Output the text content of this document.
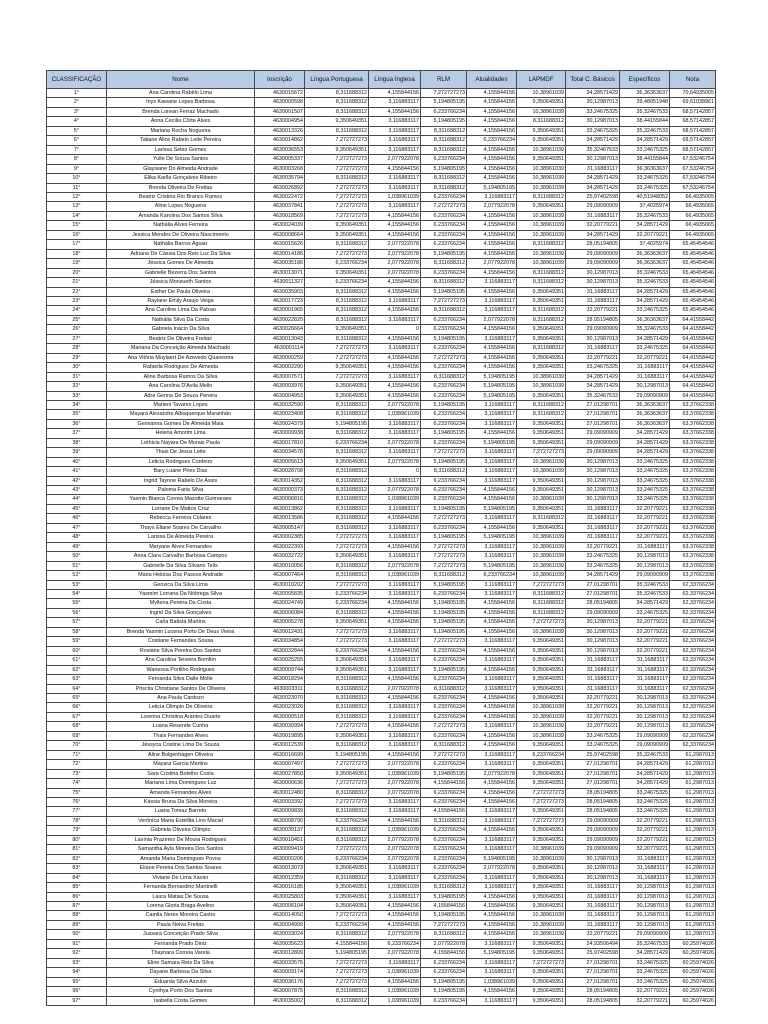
CLASSIFICAÇÃO	Nome	Inscrição	Língua Portuguesa	Língua Inglesa	RLM	Atualidades	LAPMDF	Total C. Básicos	Específicos	Nota
1°	Ana Carolina Rabêlo Lima	4630015672	8,311688312	4,155844156	7,272727273	4,155844156	10,38961039	34,28571429	36,36363637	70,64935065
2°	Inys Kawane Lopes Barbosa	4630000598	8,311688312	3,116883117	5,194805195	4,155844156	9,350649351	30,12987013	39,48051948	69,61038961
3°	Brenda Lorean Ferraz Machado	4630001507	8,311688312	4,155844156	6,233766234	4,155844156	10,38961039	33,24675325	35,32467533	68,57142857
4°	Anna Cecilia Côrte Alves	4630004954	9,350649351	3,116883117	5,194805195	4,155844156	8,311688312	30,12987013	38,44155844	68,57142857
5°	Mariana Rocha Nogueira	4630013326	8,311688312	3,116883117	8,311688312	4,155844156	9,350649351	33,24675325	35,32467533	68,57142857
6°	Tatiane Alice Rabelo Leite Pereira	4630014862	7,272727273	3,116883117	8,311688312	6,233766234	9,350649351	34,28571429	34,28571429	68,57142857
7°	Larissa Setes Gomes	4630036553	9,350649351	3,116883117	8,311688312	4,155844156	10,38961039	35,32467533	33,24675325	68,57142857
8°	Yulle De Souza Santos	4630005337	7,272727273	2,077922078	6,233766234	4,155844156	9,350649351	30,12987013	38,44155844	67,53246754
9°	Glaysiane Do Almeida Andrade	4630003268	7,272727273	4,155844156	5,194805195	4,155844156	10,38961039	31,16883117	36,36363637	67,53246754
10°	Élika Karlla Gonçalves Ribeiro	4630035794	8,311688312	3,116883117	8,311688312	4,155844156	10,38961039	34,28571429	33,24675325	67,53246754
11°	Brenda Oliveira De Freitas	4630026892	7,272727273	3,116883117	8,311688312	5,194805195	10,38961039	34,28571429	33,24675325	67,53246754
12°	Beatriz Cristina Rio Branco Ramos	4630022472	7,272727273	1,038961039	6,233766234	3,116883117	8,311688312	25,97402598	40,51948052	66,4935065
13°	Aline Lopes Nogueira	4630037841	7,272727273	3,116883117	7,272727273	2,077922078	9,350649351	29,09090909	37,4025974	66,4935065
14°	Amanda Karolina Dos Santos Silva	4630018569	7,272727273	4,155844156	6,233766234	4,155844156	10,38961039	31,16883117	35,32467533	66,4935065
15°	Nathália Alves Ferreira	4630024039	9,350649351	4,155844156	6,233766234	4,155844156	10,38961039	32,20779221	34,28571429	66,4935065
16°	Jessica Mendes De Oliveira Nascimento	4630008664	9,350649351	4,155844156	6,233766234	4,155844156	10,38961039	34,28571429	32,20779221	66,4935065
17°	Nathália Barros Aguiar	4630015626	8,311688312	2,077922078	6,233766234	4,155844156	8,311688312	28,05194805	37,4025974	65,45454546
18°	Adriana De Cássia Dos Reis Luz Da Silva	4630014186	7,272727273	2,077922078	5,194805195	4,155844156	10,38961039	29,09090909	36,36363637	65,45454546
19°	Jéssica Gomes De Almeida	4630035186	6,233766234	2,077922078	8,311688312	2,077922078	10,38961039	29,09090909	36,36363637	65,45454546
20°	Gabrielle Bezerra Dos Santos	4630013071	9,350649351	2,077922078	6,233766234	4,155844156	8,311688312	30,12987013	35,32467533	65,45454546
21°	Jéssica Monsueth Santos	4630011327	6,233766234	4,155844156	8,311688312	3,116883117	8,311688312	30,12987013	35,32467533	65,45454546
22°	Esther De Paula Oliveira	4630035903	8,311688312	4,155844156	5,194805195	4,155844156	9,350649351	31,16883117	34,28571429	65,45454546
23°	Raylane Emily Araujo Veiga	4630017723	8,311688312	3,116883117	7,272727273	3,116883117	9,350649351	31,16883117	34,28571429	65,45454546
24°	Ana Caroline Lima Da Paixao	4630001965	8,311688312	4,155844156	8,311688312	3,116883117	8,311688312	32,20779221	33,24675325	65,45454546
25°	Nathália Silva Da Costa	4630022825	8,311688312	3,116883117	6,233766234	2,077922078	8,311688312	28,05194805	36,36363637	64,41558442
26°	Gabriela Inácio Da Silva	4630026664	9,350649351	0	6,233766234	4,155844156	9,350649351	29,09090909	35,32467533	64,41558442
27°	Beatriz De Oliveira Freitas	4630013043	8,311688312	4,155844156	5,194805195	3,116883117	9,350649351	30,12987013	34,28571429	64,41558442
28°	Mariana Da Conceição Almeida Machado	4630001114	7,272727273	3,116883117	6,233766234	4,155844156	8,311688312	31,16883117	33,24675325	64,41558442
29°	Ana Vitória Muylaert De Azevedo Quaresma	4630000259	7,272727273	4,155844156	7,272727273	4,155844156	9,350649351	32,20779221	32,20779221	64,41558442
30°	Rafaella Rodrigues De Almeida	4630002290	9,350649351	4,155844156	6,233766234	4,155844156	9,350649351	33,24675325	31,16883117	64,41558442
31°	Aline Barbosa Ramos Da Silva	4630007571	7,272727273	3,116883117	8,311688312	5,194805195	10,38961039	34,28571429	31,16883117	64,41558442
32°	Ana Carolina D'Avila Mello	4630003976	9,350649351	4,155844156	6,233766234	5,194805195	10,38961039	34,28571429	30,12987013	64,41558442
33°	Adre Genna De Souza Pereira	4630004953	9,350649351	4,155844156	6,233766234	5,194805195	9,350649351	35,32467533	29,09090909	64,41558442
34°	Marieni Tavares Lopes	4630032590	8,311688312	2,077922078	5,194805195	3,116883117	8,311688312	27,01298701	36,36363637	63,37662338
35°	Mayara Alexandre Albuquerque Maranhão	4630023408	8,311688312	1,038961039	6,233766234	3,116883117	8,311688312	27,01298701	36,36363637	63,37662338
36°	Geovanna Gomes De Almeida Maia	4630024379	5,194805195	3,116883117	6,233766234	3,116883117	9,350649351	27,01298701	36,36363637	63,37662338
37°	Helena Amorim Lima	4630009938	8,311688312	3,116883117	5,194805195	4,155844156	9,350649351	29,09090909	34,28571429	63,37662338
38°	Lethicia Nayara De Morais Paula	4630017810	6,233766234	2,077922078	6,233766234	5,194805195	9,350649351	29,09090909	34,28571429	63,37662338
39°	Thais De Jesus Leite	4630034578	8,311688312	3,116883117	7,272727273	3,116883117	7,272727273	29,09090909	34,28571429	63,37662338
40°	Leticia Rodrigues Cordeiro	4630005613	9,350649351	2,077922078	5,194805195	3,116883117	10,38961039	30,12987013	33,24675325	63,37662338
41°	Bary Luane Pires Dias	4630028708	8,311688312	0	8,311688312	3,116883117	10,38961039	30,12987013	33,24675325	63,37662338
42°	Ingrid Taynne Rabelo De Assis	4630014352	8,311688312	3,116883117	6,233766234	3,116883117	9,350649351	30,12987013	33,24675325	63,37662338
43°	Paloma Faria Silva	4630000373	8,311688312	2,077922078	6,233766234	4,155844156	9,350649351	30,12987013	33,24675325	63,37662338
44°	Yasmin Bianca Correa Mazotte Guimaraes	4630006816	8,311688312	1,038961039	6,233766234	4,155844156	10,38961039	30,12987013	33,24675325	63,37662338
45°	Lorrane De Mattos Cruz	4630013862	8,311688312	3,116883117	5,194805195	5,194805195	9,350649351	31,16883117	32,20779221	63,37662338
46°	Rebecca Ferreira Colares	4630013586	8,311688312	4,155844156	7,272727273	3,116883117	8,311688312	31,16883117	32,20779221	63,37662338
47°	Thays Eliane Soares De Carvalho	4630005147	8,311688312	3,116883117	6,233766234	4,155844156	9,350649351	31,16883117	32,20779221	63,37662338
48°	Larissa De Almeida Pereira	4630002385	7,272727273	3,116883117	5,194805195	5,194805195	10,38961039	31,16883117	32,20779221	63,37662338
49°	Maryane Alves Fernandes	4630022393	7,272727273	4,155844156	7,272727273	3,116883117	10,38961039	32,20779221	31,16883117	63,37662338
50°	Anna Clara Carvalho Barbosa Campos	4630032722	9,350649351	3,116883117	7,272727273	3,116883117	10,38961039	33,24675325	30,12987013	63,37662338
51°	Gabrielle Da Silva Silvano Telis	4630010056	8,311688312	2,077922078	7,272727273	5,194805195	10,38961039	33,24675325	30,12987013	63,37662338
52°	Maria Heloisa Dos Passos Andrade	4630007464	8,311688312	1,038961039	8,311688312	6,233766234	10,38961039	34,28571429	29,09090909	63,37662338
53°	Geovica Da Silva Lima	4630010202	7,272727273	3,116883117	5,194805195	3,116883117	7,272727273	27,01298701	35,32467533	62,33766234
54°	Yasmim Lorrana Da Nóbrega Silva	4630005835	6,233766234	3,116883117	6,233766234	3,116883117	8,311688312	27,01298701	35,32467533	62,33766234
55°	Myllena Pereira Da Costa	4630024749	6,233766234	4,155844156	5,194805195	4,155844156	8,311688312	28,05194805	34,28571429	62,33766234
56°	Ingrid Da Silva Gonçalves	4630006084	8,311688312	4,155844156	5,194805195	4,155844156	8,311688312	29,09090909	33,24675325	62,33766234
57°	Carla Batista Martins	4630005278	9,350649351	4,155844156	5,194805195	4,155844156	7,272727273	30,12987013	32,20779221	62,33766234
58°	Brenda Yasmin Lucena Porto De Deus Vieira	4630012431	7,272727273	3,116883117	5,194805195	4,155844156	10,38961039	30,12987013	32,20779221	62,33766234
59°	Cristiane Fernandes Sousa	4630034854	7,272727273	3,116883117	7,272727273	3,116883117	9,350649351	30,12987013	32,20779221	62,33766234
60°	Rosiane Silva Pereira Dos Santos	4630032844	6,233766234	4,155844156	6,233766234	4,155844156	9,350649351	30,12987013	32,20779221	62,33766234
61°	Ana Carolina Teixeira Bomfim	4630025255	9,350649351	3,116883117	6,233766234	3,116883117	9,350649351	31,16883117	31,16883117	62,33766234
62°	Wanessa Portilho Rodrigues	4630009744	9,350649351	3,116883117	5,194805195	4,155844156	9,350649351	31,16883117	31,16883117	62,33766234
63°	Fernanda Silva Dalle Molle	4630018294	8,311688312	4,155844156	6,233766234	3,116883117	9,350649351	31,16883117	31,16883117	62,33766234
64°	Priscila Christiane Santos De Oliveira	4630003311	8,311688312	2,077922078	8,311688312	3,116883117	9,350649351	31,16883117	31,16883117	62,33766234
65°	Ana Paula Cardozo	4630023070	8,311688312	4,155844156	6,233766234	4,155844156	9,350649351	32,20779221	30,12987013	62,33766234
66°	Leticia Olimpio De Oliveira	4630023026	8,311688312	3,116883117	6,233766234	4,155844156	10,38961039	32,20779221	30,12987013	62,33766234
67°	Lorenna Christina Arantes Duarte	4630000518	8,311688312	3,116883117	6,233766234	4,155844156	10,38961039	32,20779221	30,12987013	62,33766234
68°	Luana Resende Cunha	4630030994	7,272727273	4,155844156	7,272727273	3,116883117	10,38961039	32,20779221	30,12987013	62,33766234
69°	Thais Fernandes Alves	4630019895	9,350649351	3,116883117	6,233766234	4,155844156	10,38961039	33,24675325	29,09090909	62,33766234
70°	Jéssyca Cristine Lima De Souza	4630012539	8,311688312	3,116883117	8,311688312	4,155844156	9,350649351	33,24675325	29,09090909	62,33766234
71°	Aline Bolgenhagen Oliveira	4630016699	5,194805195	4,155844156	7,272727273	3,116883117	6,233766234	25,97402598	35,32467533	61,2987013
72°	Mayara Garcia Martins	4630007497	7,272727273	2,077922078	6,233766234	3,116883117	9,350649351	27,01298701	34,28571429	61,2987013
73°	Sara Cristina Botelho Costa	4630027850	9,350649351	1,038961039	5,194805195	2,077922078	9,350649351	27,01298701	34,28571429	61,2987013
74°	Mariana Lima Domingues Luz	4630000636	7,272727273	2,077922078	4,155844156	4,155844156	9,350649351	27,01298701	34,28571429	61,2987013
75°	Amanda Fernandes Alves	4630012480	8,311688312	2,077922078	6,233766234	4,155844156	7,272727273	28,05194805	33,24675325	61,2987013
76°	Kássia Bruna Da Silva Moreira	4630003392	7,272727273	3,116883117	6,233766234	4,155844156	7,272727273	28,05194805	33,24675325	61,2987013
77°	Luana Tomaz Barreto	4630009839	8,311688312	3,116883117	4,155844156	3,116883117	9,350649351	28,05194805	33,24675325	61,2987013
78°	Verônica Maria Estellita Lins Maciel	4630008790	6,233766234	4,155844156	8,311688312	3,116883117	7,272727273	29,09090909	32,20779221	61,2987013
79°	Gabriela Oliveira Olimpio	4630039137	8,311688312	1,038961039	6,233766234	4,155844156	9,350649351	29,09090909	32,20779221	61,2987013
80°	Lavínia Prazeres De Moura Rodrigues	4630010451	8,311688312	2,077922078	6,233766234	3,116883117	9,350649351	29,09090909	32,20779221	61,2987013
81°	Samantha Ayla Moreira Dos Santos	4630009419	7,272727273	2,077922078	6,233766234	3,116883117	10,38961039	29,09090909	32,20779221	61,2987013
82°	Amanda Maria Domingues Povoa	4630000206	6,233766234	2,077922078	6,233766234	5,194805195	10,38961039	30,12987013	31,16883117	61,2987013
83°	Eliane Pereira Dos Santos Soares	4630013073	9,350649351	3,116883117	6,233766234	2,077922078	9,350649351	30,12987013	31,16883117	61,2987013
84°	Viviane De Lima Xavier	4630012359	8,311688312	3,116883117	6,233766234	3,116883117	9,350649351	30,12987013	31,16883117	61,2987013
85°	Fernanda Bernardino Martinelli	4630016185	9,350649351	1,038961039	8,311688312	3,116883117	9,350649351	31,16883117	30,12987013	61,2987013
86°	Laura Matias De Sousa	4630025803	9,350649351	3,116883117	5,194805195	4,155844156	9,350649351	31,16883117	30,12987013	61,2987013
87°	Lorena Gloria Braga Avelino	4630006104	9,350649351	4,155844156	4,155844156	4,155844156	9,350649351	31,16883117	30,12987013	61,2987013
88°	Camila Neres Moreira Castro	4630014050	7,272727273	4,155844156	5,194805195	4,155844156	10,38961039	31,16883117	30,12987013	61,2987013
89°	Paula Neiva Freitas	4630004999	6,233766234	4,155844156	7,272727273	4,155844156	10,38961039	31,16883117	30,12987013	61,2987013
90°	Jussara Conceição Prado Silva	4630033024	8,311688312	2,077922078	8,311688312	4,155844156	10,38961039	32,20779221	29,09090909	61,2987013
91°	Fernanda Prado Diniz	4630035623	4,155844156	6,233766234	2,077922078	3,116883117	9,350649351	24,93506494	35,32467533	60,25974026
92°	Thaynara Correia Varela	4630012809	5,194805195	2,077922078	4,155844156	5,194805195	9,350649351	25,97402598	34,28571429	60,25974026
93°	Eline Samara Reis Da Silva	4630033575	7,272727273	3,116883117	6,233766234	3,116883117	7,272727273	27,01298701	33,24675325	60,25974026
94°	Dayane Barbosa Da Silva	4630009174	7,272727273	1,038961039	6,233766234	3,116883117	9,350649351	27,01298701	33,24675325	60,25974026
95°	Eduarda Silva Azzulin	4630036176	7,272727273	4,155844156	5,194805195	1,038961039	9,350649351	27,01298701	33,24675325	60,25974026
96°	Cynthya Porto Dos Santos	4630007875	8,311688312	1,038961039	5,194805195	4,155844156	9,350649351	28,05194805	32,20779221	60,25974026
97°	Isabella Costa Gomes	4630035002	8,311688312	1,038961039	6,233766234	3,116883117	9,350649351	28,05194805	32,20779221	60,25974026
